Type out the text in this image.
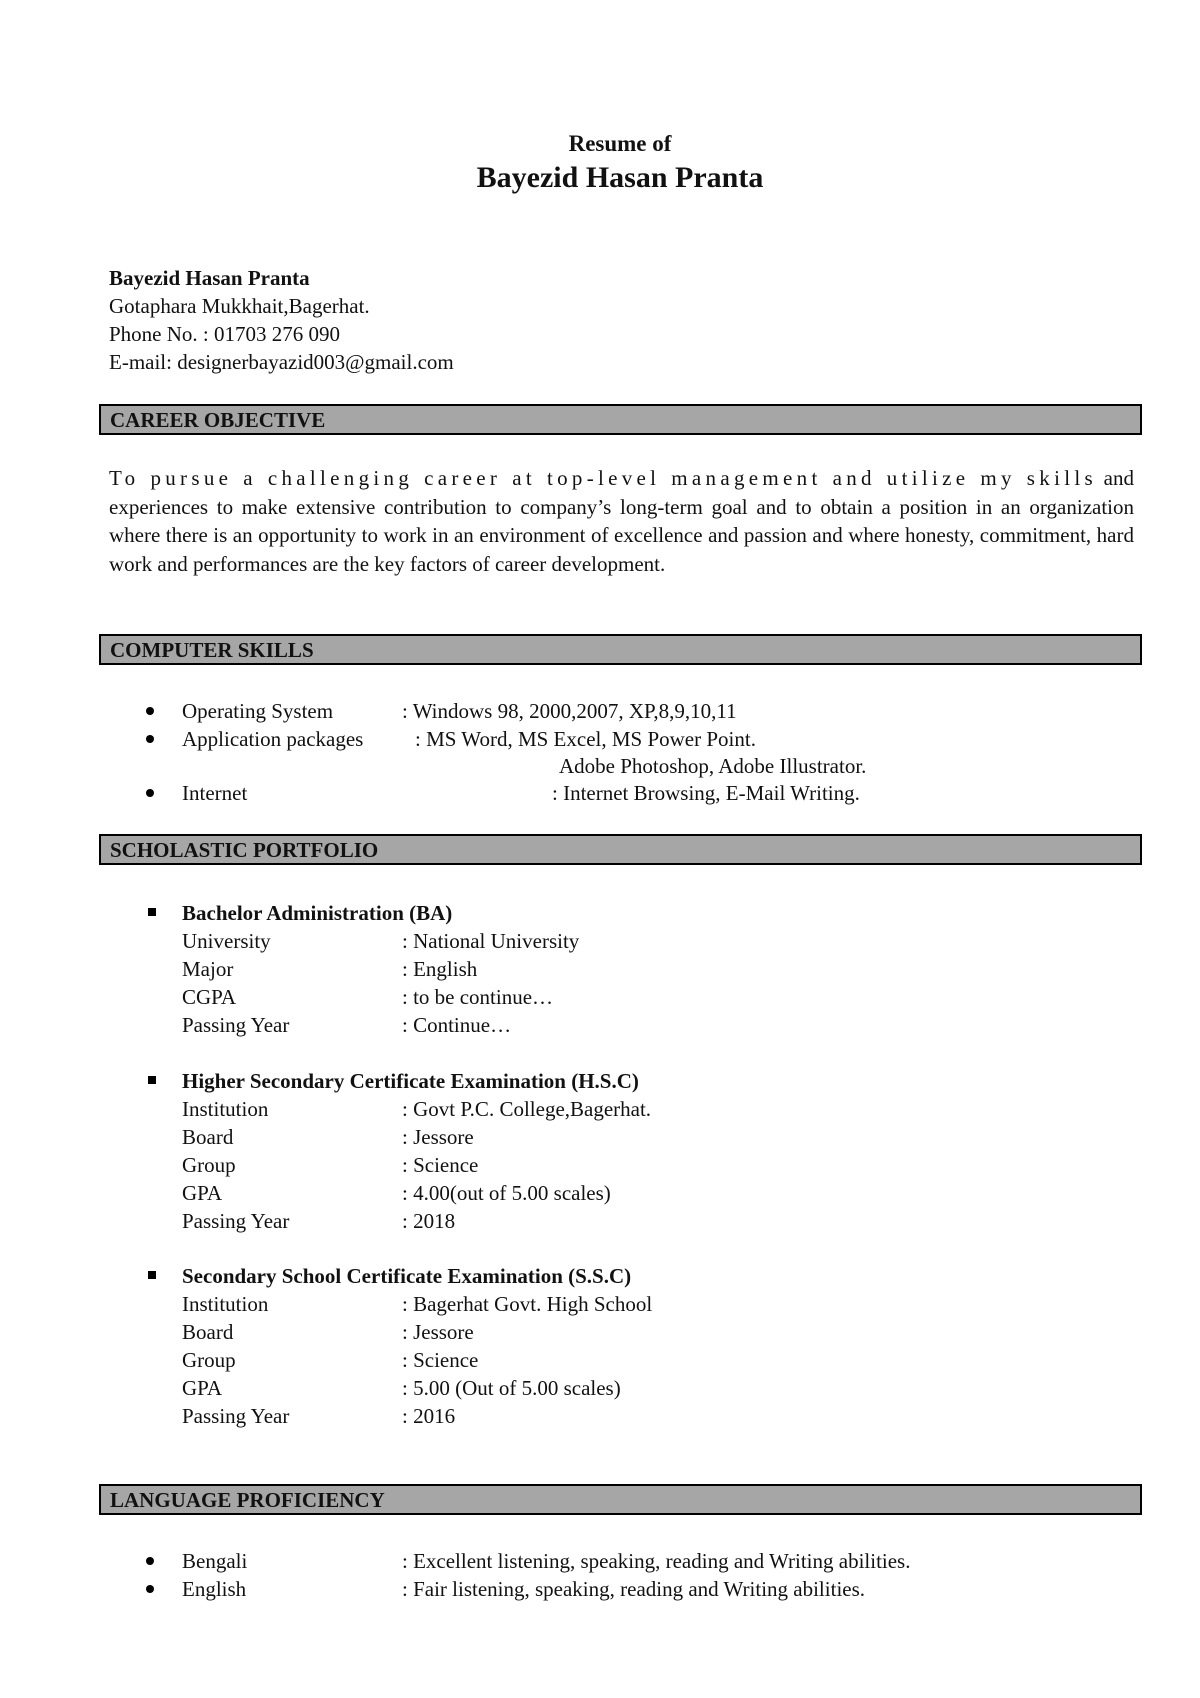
Resume of
Bayezid Hasan Pranta
Bayezid Hasan Pranta
Gotaphara Mukkhait,Bagerhat.
Phone No. : 01703 276 090
E-mail: designerbayazid003@gmail.com
CAREER OBJECTIVE
To pursue a challenging career at top-level management and utilize my skills and experiences to make extensive contribution to company’s long-term goal and to obtain a position in an organization where there is an opportunity to work in an environment of excellence and passion and where honesty, commitment, hard work and performances are the key factors of career development.
COMPUTER SKILLS
Operating System	: Windows 98, 2000,2007, XP,8,9,10,11
Application packages : MS Word, MS Excel, MS Power Point.
Adobe Photoshop, Adobe Illustrator.
Internet	: Internet Browsing, E-Mail Writing.
SCHOLASTIC PORTFOLIO
Bachelor Administration (BA)
University	: National University
Major	: English
CGPA	: to be continue…
Passing Year	: Continue…
Higher Secondary Certificate Examination (H.S.C)
Institution	: Govt P.C. College,Bagerhat.
Board	: Jessore
Group	: Science
GPA	: 4.00(out of 5.00 scales)
Passing Year	: 2018
Secondary School Certificate Examination (S.S.C)
Institution	: Bagerhat Govt. High School
Board	: Jessore
Group	: Science
GPA	: 5.00 (Out of 5.00 scales)
Passing Year	: 2016
LANGUAGE PROFICIENCY
Bengali	: Excellent listening, speaking, reading and Writing abilities.
English	: Fair listening, speaking, reading and Writing abilities.
